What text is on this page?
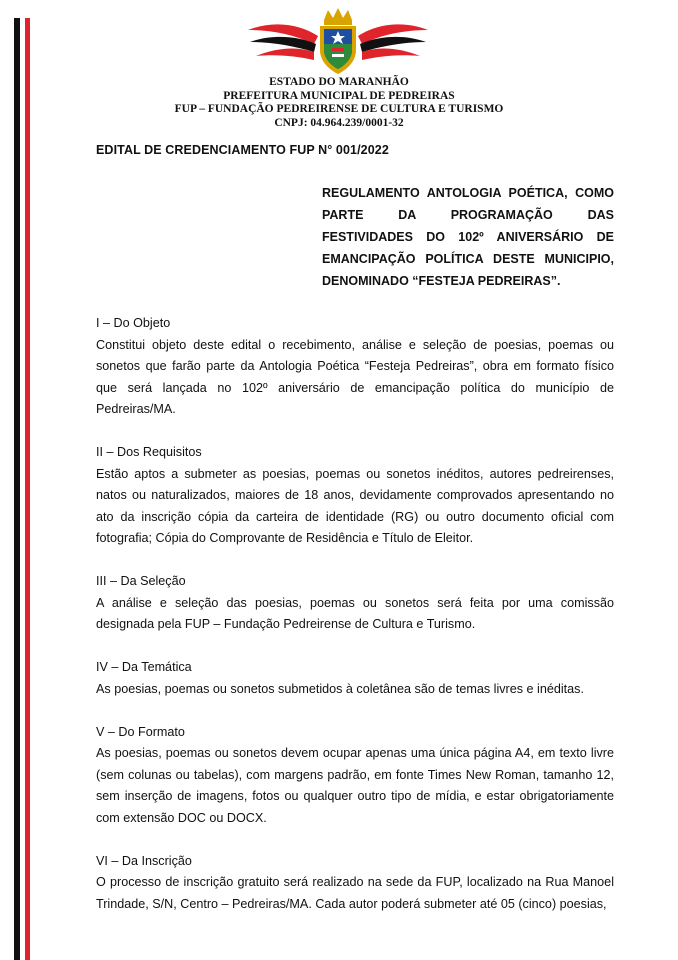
ESTADO DO MARANHÃO
PREFEITURA MUNICIPAL DE PEDREIRAS
FUP – FUNDAÇÃO PEDREIRENSE DE CULTURA E TURISMO
CNPJ: 04.964.239/0001-32
EDITAL DE CREDENCIAMENTO FUP N° 001/2022
REGULAMENTO ANTOLOGIA POÉTICA, COMO PARTE DA PROGRAMAÇÃO DAS FESTIVIDADES DO 102º ANIVERSÁRIO DE EMANCIPAÇÃO POLÍTICA DESTE MUNICIPIO, DENOMINADO “FESTEJA PEDREIRAS”.

I – Do Objeto

Constitui objeto deste edital o recebimento, análise e seleção de poesias, poemas ou sonetos que farão parte da Antologia Poética “Festeja Pedreiras”, obra em formato físico que será lançada no 102º aniversário de emancipação política do município de Pedreiras/MA.

II – Dos Requisitos

Estão aptos a submeter as poesias, poemas ou sonetos inéditos, autores pedreirenses, natos ou naturalizados, maiores de 18 anos, devidamente comprovados apresentando no ato da inscrição cópia da carteira de identidade (RG) ou outro documento oficial com fotografia; Cópia do Comprovante de Residência e Título de Eleitor.

III – Da Seleção

A análise e seleção das poesias, poemas ou sonetos será feita por uma comissão designada pela FUP – Fundação Pedreirense de Cultura e Turismo.

IV – Da Temática

As poesias, poemas ou sonetos submetidos à coletânea são de temas livres e inéditas.

V – Do Formato

As poesias, poemas ou sonetos devem ocupar apenas uma única página A4, em texto livre (sem colunas ou tabelas), com margens padrão, em fonte Times New Roman, tamanho 12, sem inserção de imagens, fotos ou qualquer outro tipo de mídia, e estar obrigatoriamente com extensão DOC ou DOCX.

VI – Da Inscrição

O processo de inscrição gratuito será realizado na sede da FUP, localizado na Rua Manoel Trindade, S/N, Centro – Pedreiras/MA. Cada autor poderá submeter até 05 (cinco) poesias,
